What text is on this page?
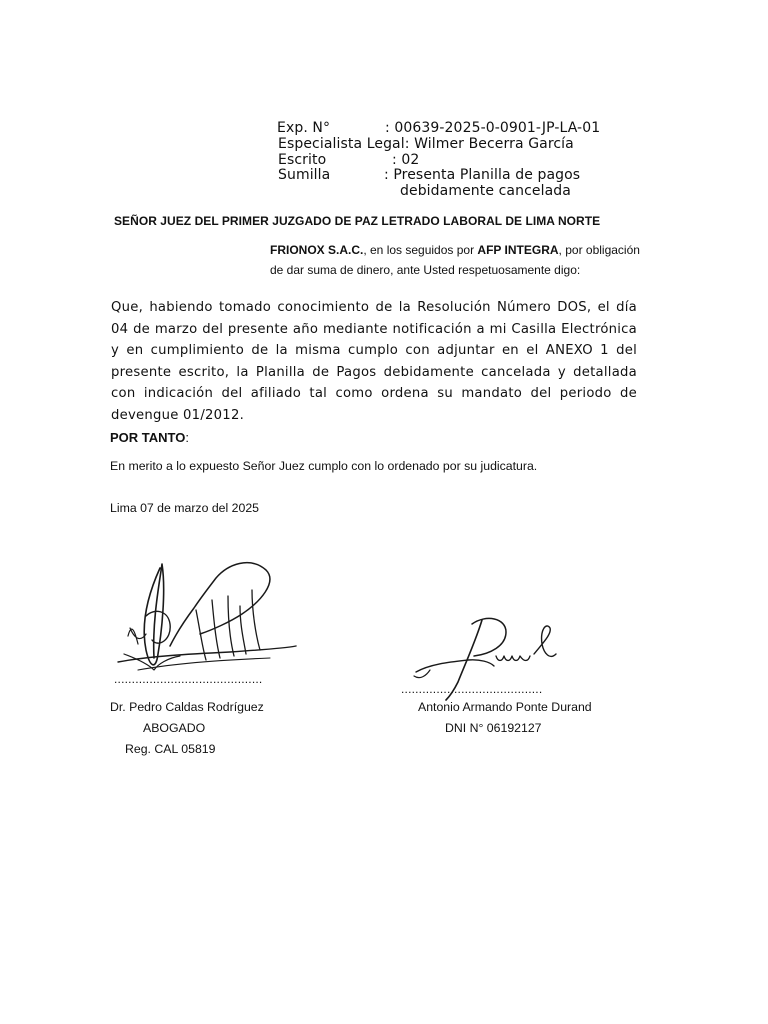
Exp. N°	: 00639-2025-0-0901-JP-LA-01
Especialista Legal: Wilmer Becerra García
Escrito	: 02
Sumilla	: Presenta Planilla de pagos
debidamente cancelada
SEÑOR JUEZ DEL PRIMER JUZGADO DE PAZ LETRADO LABORAL DE LIMA NORTE
FRIONOX S.A.C., en los seguidos por AFP INTEGRA, por obligación de dar suma de dinero, ante Usted respetuosamente digo:
Que, habiendo tomado conocimiento de la Resolución Número DOS, el día 04 de marzo del presente año mediante notificación a mi Casilla Electrónica y en cumplimiento de la misma cumplo con adjuntar en el ANEXO 1 del presente escrito, la Planilla de Pagos debidamente cancelada y detallada con indicación del afiliado tal como ordena su mandato del periodo de devengue 01/2012.
POR TANTO:
En merito a lo expuesto Señor Juez cumplo con lo ordenado por su judicatura.
Lima 07 de marzo del 2025
..........................................
........................................
Dr. Pedro Caldas Rodríguez
ABOGADO
Reg. CAL 05819
Antonio Armando Ponte Durand
DNI N° 06192127
